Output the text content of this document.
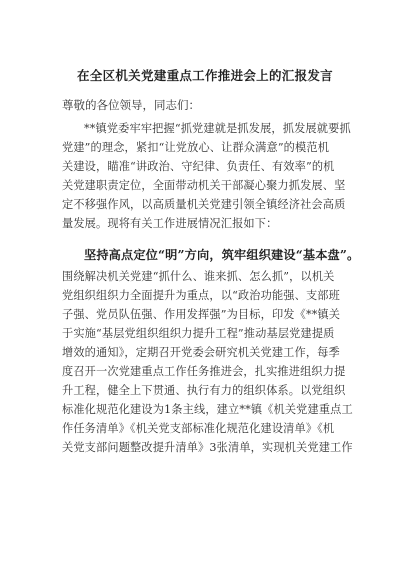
在全区机关党建重点工作推进会上的汇报发言
尊敬的各位领导，同志们：
**镇党委牢牢把握“抓党建就是抓发展，抓发展就要抓
党建”的理念，紧扣“让党放心、让群众满意”的模范机
关建设，瞄准“讲政治、守纪律、负责任、有效率”的机
关党建职责定位，全面带动机关干部凝心聚力抓发展、坚
定不移强作风，以高质量机关党建引领全镇经济社会高质
量发展。现将有关工作进展情况汇报如下：
坚持高点定位“明”方向，筑牢组织建设“基本盘”。
围绕解决机关党建“抓什么、谁来抓、怎么抓”，以机关
党组织组织力全面提升为重点，以“政治功能强、支部班
子强、党员队伍强、作用发挥强”为目标，印发《**镇关
于实施“基层党组织组织力提升工程”推动基层党建提质
增效的通知》，定期召开党委会研究机关党建工作，每季
度召开一次党建重点工作任务推进会，扎实推进组织力提
升工程，健全上下贯通、执行有力的组织体系。以党组织
标准化规范化建设为1条主线，建立**镇《机关党建重点工
作任务清单》《机关党支部标准化规范化建设清单》《机
关党支部问题整改提升清单》3张清单，实现机关党建工作
